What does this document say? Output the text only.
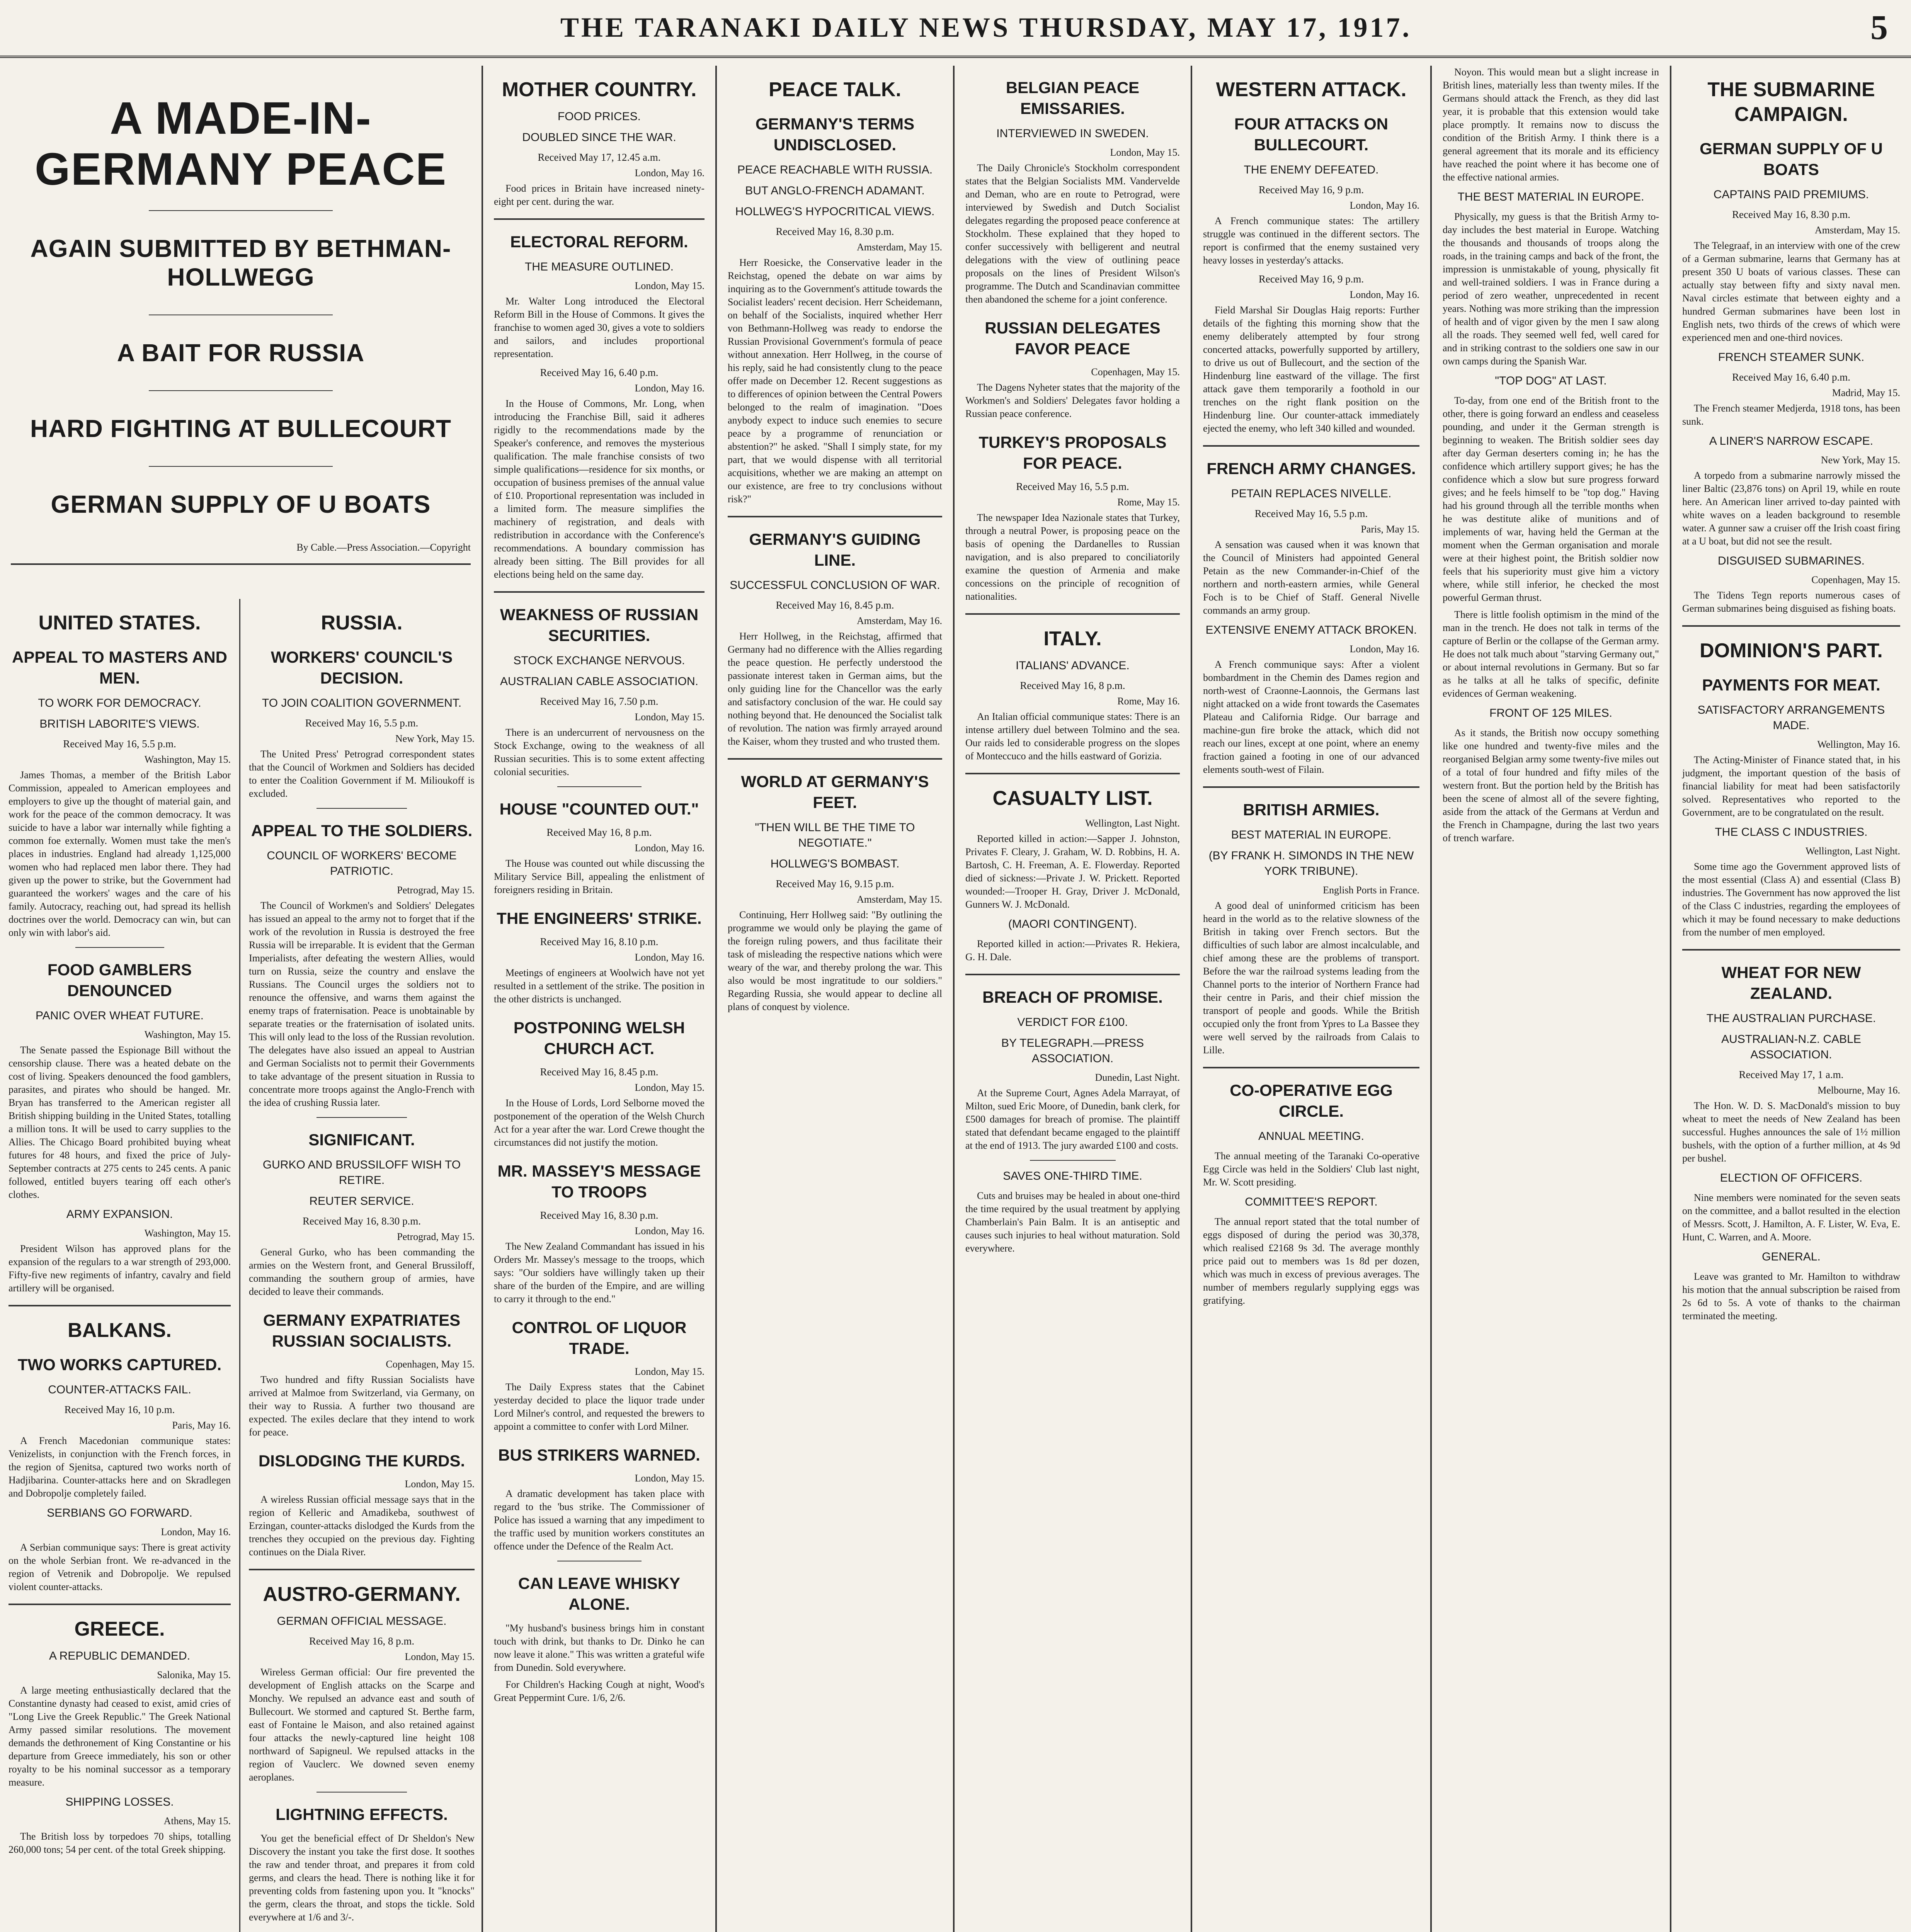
THE TARANAKI DAILY NEWS THURSDAY, MAY 17, 1917.	5
A MADE-IN-GERMANY PEACE
AGAIN SUBMITTED BY BETHMAN-HOLLWEGG
A BAIT FOR RUSSIA
HARD FIGHTING AT BULLECOURT
GERMAN SUPPLY OF U BOATS
By Cable.—Press Association.—Copyright
UNITED STATES.
APPEAL TO MASTERS AND MEN.
TO WORK FOR DEMOCRACY.
BRITISH LABORITE'S VIEWS.
Received May 16, 5.5 p.m.
Washington, May 15.

James Thomas, a member of the British Labor Commission, appealed to American employees and employers to give up the thought of material gain, and work for the peace of the common democracy. It was suicide to have a labor war internally while fighting a common foe externally. Women must take the men's places in industries. England had already 1,125,000 women who had replaced men labor there. They had given up the power to strike, but the Government had guaranteed the workers' wages and the care of his family. Autocracy, reaching out, had spread its hellish doctrines over the world. Democracy can win, but can only win with labor's aid.

FOOD GAMBLERS DENOUNCED
PANIC OVER WHEAT FUTURE.
Washington, May 15.

The Senate passed the Espionage Bill without the censorship clause. There was a heated debate on the cost of living. Speakers denounced the food gamblers, parasites, and pirates who should be hanged. Mr. Bryan has transferred to the American register all British shipping building in the United States, totalling a million tons. It will be used to carry supplies to the Allies. The Chicago Board prohibited buying wheat futures for 48 hours, and fixed the price of July-September contracts at 275 cents to 245 cents. A panic followed, entitled buyers tearing off each other's clothes.

ARMY EXPANSION.
Washington, May 15.

President Wilson has approved plans for the expansion of the regulars to a war strength of 293,000. Fifty-five new regiments of infantry, cavalry and field artillery will be organised.

BALKANS.
TWO WORKS CAPTURED.
COUNTER-ATTACKS FAIL.
Received May 16, 10 p.m.
Paris, May 16.

A French Macedonian communique states: Venizelists, in conjunction with the French forces, in the region of Sjenitsa, captured two works north of Hadjibarina. Counter-attacks here and on Skradlegen and Dobropolje completely failed.

SERBIANS GO FORWARD.
London, May 16.

A Serbian communique says: There is great activity on the whole Serbian front. We re-advanced in the region of Vetrenik and Dobropolje. We repulsed violent counter-attacks.

GREECE.
A REPUBLIC DEMANDED.
Salonika, May 15.

A large meeting enthusiastically declared that the Constantine dynasty had ceased to exist, amid cries of "Long Live the Greek Republic." The Greek National Army passed similar resolutions. The movement demands the dethronement of King Constantine or his departure from Greece immediately, his son or other royalty to be his nominal successor as a temporary measure.

SHIPPING LOSSES.
Athens, May 15.

The British loss by torpedoes 70 ships, totalling 260,000 tons; 54 per cent. of the total Greek shipping.

RUSSIA.
WORKERS' COUNCIL'S DECISION.
TO JOIN COALITION GOVERNMENT.
Received May 16, 5.5 p.m.
New York, May 15.

The United Press' Petrograd correspondent states that the Council of Workmen and Soldiers has decided to enter the Coalition Government if M. Milioukoff is excluded.

APPEAL TO THE SOLDIERS.
COUNCIL OF WORKERS' BECOME PATRIOTIC.
Petrograd, May 15.

The Council of Workmen's and Soldiers' Delegates has issued an appeal to the army not to forget that if the work of the revolution in Russia is destroyed the free Russia will be irreparable. It is evident that the German Imperialists, after defeating the western Allies, would turn on Russia, seize the country and enslave the Russians. The Council urges the soldiers not to renounce the offensive, and warns them against the enemy traps of fraternisation. Peace is unobtainable by separate treaties or the fraternisation of isolated units. This will only lead to the loss of the Russian revolution. The delegates have also issued an appeal to Austrian and German Socialists not to permit their Governments to take advantage of the present situation in Russia to concentrate more troops against the Anglo-French with the idea of crushing Russia later.

SIGNIFICANT.
GURKO AND BRUSSILOFF WISH TO RETIRE.
REUTER SERVICE.
Received May 16, 8.30 p.m.
Petrograd, May 15.

General Gurko, who has been commanding the armies on the Western front, and General Brussiloff, commanding the southern group of armies, have decided to leave their commands.

GERMANY EXPATRIATES RUSSIAN SOCIALISTS.
Copenhagen, May 15.

Two hundred and fifty Russian Socialists have arrived at Malmoe from Switzerland, via Germany, on their way to Russia. A further two thousand are expected. The exiles declare that they intend to work for peace.

DISLODGING THE KURDS.
London, May 15.

A wireless Russian official message says that in the region of Kelleric and Amadikeba, southwest of Erzingan, counter-attacks dislodged the Kurds from the trenches they occupied on the previous day. Fighting continues on the Diala River.

AUSTRO-GERMANY.
GERMAN OFFICIAL MESSAGE.
Received May 16, 8 p.m.
London, May 15.

Wireless German official: Our fire prevented the development of English attacks on the Scarpe and Monchy. We repulsed an advance east and south of Bullecourt. We stormed and captured St. Berthe farm, east of Fontaine le Maison, and also retained against four attacks the newly-captured line height 108 northward of Sapigneul. We repulsed attacks in the region of Vauclerc. We downed seven enemy aeroplanes.

LIGHTNING EFFECTS.

You get the beneficial effect of Dr Sheldon's New Discovery the instant you take the first dose. It soothes the raw and tender throat, and prepares it from cold germs, and clears the head. There is nothing like it for preventing colds from fastening upon you. It "knocks" the germ, clears the throat, and stops the tickle. Sold everywhere at 1/6 and 3/-.

MOTHER COUNTRY.
FOOD PRICES.
DOUBLED SINCE THE WAR.
Received May 17, 12.45 a.m.
London, May 16.

Food prices in Britain have increased ninety-eight per cent. during the war.

ELECTORAL REFORM.
THE MEASURE OUTLINED.
London, May 15.

Mr. Walter Long introduced the Electoral Reform Bill in the House of Commons. It gives the franchise to women aged 30, gives a vote to soldiers and sailors, and includes proportional representation.

Received May 16, 6.40 p.m.
London, May 16.

In the House of Commons, Mr. Long, when introducing the Franchise Bill, said it adheres rigidly to the recommendations made by the Speaker's conference, and removes the mysterious qualification. The male franchise consists of two simple qualifications—residence for six months, or occupation of business premises of the annual value of £10. Proportional representation was included in a limited form. The measure simplifies the machinery of registration, and deals with redistribution in accordance with the Conference's recommendations. A boundary commission has already been sitting. The Bill provides for all elections being held on the same day.

WEAKNESS OF RUSSIAN SECURITIES.
STOCK EXCHANGE NERVOUS.
AUSTRALIAN CABLE ASSOCIATION.
Received May 16, 7.50 p.m.
London, May 15.

There is an undercurrent of nervousness on the Stock Exchange, owing to the weakness of all Russian securities. This is to some extent affecting colonial securities.

HOUSE "COUNTED OUT."
Received May 16, 8 p.m.
London, May 16.

The House was counted out while discussing the Military Service Bill, appealing the enlistment of foreigners residing in Britain.

THE ENGINEERS' STRIKE.
Received May 16, 8.10 p.m.
London, May 16.

Meetings of engineers at Woolwich have not yet resulted in a settlement of the strike. The position in the other districts is unchanged.

POSTPONING WELSH CHURCH ACT.
Received May 16, 8.45 p.m.
London, May 15.

In the House of Lords, Lord Selborne moved the postponement of the operation of the Welsh Church Act for a year after the war. Lord Crewe thought the circumstances did not justify the motion.

MR. MASSEY'S MESSAGE TO TROOPS
Received May 16, 8.30 p.m.
London, May 16.

The New Zealand Commandant has issued in his Orders Mr. Massey's message to the troops, which says: "Our soldiers have willingly taken up their share of the burden of the Empire, and are willing to carry it through to the end."

CONTROL OF LIQUOR TRADE.
London, May 15.

The Daily Express states that the Cabinet yesterday decided to place the liquor trade under Lord Milner's control, and requested the brewers to appoint a committee to confer with Lord Milner.

BUS STRIKERS WARNED.
London, May 15.

A dramatic development has taken place with regard to the 'bus strike. The Commissioner of Police has issued a warning that any impediment to the traffic used by munition workers constitutes an offence under the Defence of the Realm Act.

CAN LEAVE WHISKY ALONE.

"My husband's business brings him in constant touch with drink, but thanks to Dr. Dinko he can now leave it alone." This was written a grateful wife from Dunedin. Sold everywhere.

For Children's Hacking Cough at night, Wood's Great Peppermint Cure. 1/6, 2/6.

PEACE TALK.
GERMANY'S TERMS UNDISCLOSED.
PEACE REACHABLE WITH RUSSIA.
BUT ANGLO-FRENCH ADAMANT.
HOLLWEG'S HYPOCRITICAL VIEWS.
Received May 16, 8.30 p.m.
Amsterdam, May 15.

Herr Roesicke, the Conservative leader in the Reichstag, opened the debate on war aims by inquiring as to the Government's attitude towards the Socialist leaders' recent decision. Herr Scheidemann, on behalf of the Socialists, inquired whether Herr von Bethmann-Hollweg was ready to endorse the Russian Provisional Government's formula of peace without annexation. Herr Hollweg, in the course of his reply, said he had consistently clung to the peace offer made on December 12. Recent suggestions as to differences of opinion between the Central Powers belonged to the realm of imagination. "Does anybody expect to induce such enemies to secure peace by a programme of renunciation or abstention?" he asked. "Shall I simply state, for my part, that we would dispense with all territorial acquisitions, whether we are making an attempt on our existence, are free to try conclusions without risk?"

GERMANY'S GUIDING LINE.
SUCCESSFUL CONCLUSION OF WAR.
Received May 16, 8.45 p.m.
Amsterdam, May 16.

Herr Hollweg, in the Reichstag, affirmed that Germany had no difference with the Allies regarding the peace question. He perfectly understood the passionate interest taken in German aims, but the only guiding line for the Chancellor was the early and satisfactory conclusion of the war. He could say nothing beyond that. He denounced the Socialist talk of revolution. The nation was firmly arrayed around the Kaiser, whom they trusted and who trusted them.

WORLD AT GERMANY'S FEET.
"THEN WILL BE THE TIME TO NEGOTIATE."
HOLLWEG'S BOMBAST.
Received May 16, 9.15 p.m.
Amsterdam, May 15.

Continuing, Herr Hollweg said: "By outlining the programme we would only be playing the game of the foreign ruling powers, and thus facilitate their task of misleading the respective nations which were weary of the war, and thereby prolong the war. This also would be most ingratitude to our soldiers." Regarding Russia, she would appear to decline all plans of conquest by violence.

BELGIAN PEACE EMISSARIES.
INTERVIEWED IN SWEDEN.
London, May 15.

The Daily Chronicle's Stockholm correspondent states that the Belgian Socialists MM. Vandervelde and Deman, who are en route to Petrograd, were interviewed by Swedish and Dutch Socialist delegates regarding the proposed peace conference at Stockholm. These explained that they hoped to confer successively with belligerent and neutral delegations with the view of outlining peace proposals on the lines of President Wilson's programme. The Dutch and Scandinavian committee then abandoned the scheme for a joint conference.

RUSSIAN DELEGATES FAVOR PEACE
Copenhagen, May 15.

The Dagens Nyheter states that the majority of the Workmen's and Soldiers' Delegates favor holding a Russian peace conference.

TURKEY'S PROPOSALS FOR PEACE.
Received May 16, 5.5 p.m.
Rome, May 15.

The newspaper Idea Nazionale states that Turkey, through a neutral Power, is proposing peace on the basis of opening the Dardanelles to Russian navigation, and is also prepared to conciliatorily examine the question of Armenia and make concessions on the principle of recognition of nationalities.

ITALY.
ITALIANS' ADVANCE.
Received May 16, 8 p.m.
Rome, May 16.

An Italian official communique states: There is an intense artillery duel between Tolmino and the sea. Our raids led to considerable progress on the slopes of Monteccuco and the hills eastward of Gorizia.

CASUALTY LIST.
Wellington, Last Night.

Reported killed in action:—Sapper J. Johnston, Privates F. Cleary, J. Graham, W. D. Robbins, H. A. Bartosh, C. H. Freeman, A. E. Flowerday. Reported died of sickness:—Private J. W. Prickett. Reported wounded:—Trooper H. Gray, Driver J. McDonald, Gunners W. J. McDonald.

(MAORI CONTINGENT).

Reported killed in action:—Privates R. Hekiera, G. H. Dale.

BREACH OF PROMISE.
VERDICT FOR £100.
BY TELEGRAPH.—PRESS ASSOCIATION.
Dunedin, Last Night.

At the Supreme Court, Agnes Adela Marrayat, of Milton, sued Eric Moore, of Dunedin, bank clerk, for £500 damages for breach of promise. The plaintiff stated that defendant became engaged to the plaintiff at the end of 1913. The jury awarded £100 and costs.

SAVES ONE-THIRD TIME.

Cuts and bruises may be healed in about one-third the time required by the usual treatment by applying Chamberlain's Pain Balm. It is an antiseptic and causes such injuries to heal without maturation. Sold everywhere.

WESTERN ATTACK.
FOUR ATTACKS ON BULLECOURT.
THE ENEMY DEFEATED.
Received May 16, 9 p.m.
London, May 16.

A French communique states: The artillery struggle was continued in the different sectors. The report is confirmed that the enemy sustained very heavy losses in yesterday's attacks.

Received May 16, 9 p.m.
London, May 16.

Field Marshal Sir Douglas Haig reports: Further details of the fighting this morning show that the enemy deliberately attempted by four strong concerted attacks, powerfully supported by artillery, to drive us out of Bullecourt, and the section of the Hindenburg line eastward of the village. The first attack gave them temporarily a foothold in our trenches on the right flank position on the Hindenburg line. Our counter-attack immediately ejected the enemy, who left 340 killed and wounded.

FRENCH ARMY CHANGES.
PETAIN REPLACES NIVELLE.
Received May 16, 5.5 p.m.
Paris, May 15.

A sensation was caused when it was known that the Council of Ministers had appointed General Petain as the new Commander-in-Chief of the northern and north-eastern armies, while General Foch is to be Chief of Staff. General Nivelle commands an army group.

EXTENSIVE ENEMY ATTACK BROKEN.
London, May 16.

A French communique says: After a violent bombardment in the Chemin des Dames region and north-west of Craonne-Laonnois, the Germans last night attacked on a wide front towards the Casemates Plateau and California Ridge. Our barrage and machine-gun fire broke the attack, which did not reach our lines, except at one point, where an enemy fraction gained a footing in one of our advanced elements south-west of Filain.

BRITISH ARMIES.
BEST MATERIAL IN EUROPE.
(BY FRANK H. SIMONDS IN THE NEW YORK TRIBUNE).
English Ports in France.

A good deal of uninformed criticism has been heard in the world as to the relative slowness of the British in taking over French sectors. But the difficulties of such labor are almost incalculable, and chief among these are the problems of transport. Before the war the railroad systems leading from the Channel ports to the interior of Northern France had their centre in Paris, and their chief mission the transport of people and goods. While the British occupied only the front from Ypres to La Bassee they were well served by the railroads from Calais to Lille.

CO-OPERATIVE EGG CIRCLE.
ANNUAL MEETING.

The annual meeting of the Taranaki Co-operative Egg Circle was held in the Soldiers' Club last night, Mr. W. Scott presiding.

COMMITTEE'S REPORT.

The annual report stated that the total number of eggs disposed of during the period was 30,378, which realised £2168 9s 3d. The average monthly price paid out to members was 1s 8d per dozen, which was much in excess of previous averages. The number of members regularly supplying eggs was gratifying.

Noyon. This would mean but a slight increase in British lines, materially less than twenty miles. If the Germans should attack the French, as they did last year, it is probable that this extension would take place promptly. It remains now to discuss the condition of the British Army. I think there is a general agreement that its morale and its efficiency have reached the point where it has become one of the effective national armies.

THE BEST MATERIAL IN EUROPE.

Physically, my guess is that the British Army to-day includes the best material in Europe. Watching the thousands and thousands of troops along the roads, in the training camps and back of the front, the impression is unmistakable of young, physically fit and well-trained soldiers. I was in France during a period of zero weather, unprecedented in recent years. Nothing was more striking than the impression of health and of vigor given by the men I saw along all the roads. They seemed well fed, well cared for and in striking contrast to the soldiers one saw in our own camps during the Spanish War.

"TOP DOG" AT LAST.

To-day, from one end of the British front to the other, there is going forward an endless and ceaseless pounding, and under it the German strength is beginning to weaken. The British soldier sees day after day German deserters coming in; he has the confidence which artillery support gives; he has the confidence which a slow but sure progress forward gives; and he feels himself to be "top dog." Having had his ground through all the terrible months when he was destitute alike of munitions and of implements of war, having held the German at the moment when the German organisation and morale were at their highest point, the British soldier now feels that his superiority must give him a victory where, while still inferior, he checked the most powerful German thrust.

There is little foolish optimism in the mind of the man in the trench. He does not talk in terms of the capture of Berlin or the collapse of the German army. He does not talk much about "starving Germany out," or about internal revolutions in Germany. But so far as he talks at all he talks of specific, definite evidences of German weakening.

FRONT OF 125 MILES.

As it stands, the British now occupy something like one hundred and twenty-five miles and the reorganised Belgian army some twenty-five miles out of a total of four hundred and fifty miles of the western front. But the portion held by the British has been the scene of almost all of the severe fighting, aside from the attack of the Germans at Verdun and the French in Champagne, during the last two years of trench warfare.

THE SUBMARINE CAMPAIGN.
GERMAN SUPPLY OF U BOATS
CAPTAINS PAID PREMIUMS.
Received May 16, 8.30 p.m.
Amsterdam, May 15.

The Telegraaf, in an interview with one of the crew of a German submarine, learns that Germany has at present 350 U boats of various classes. These can actually stay between fifty and sixty naval men. Naval circles estimate that between eighty and a hundred German submarines have been lost in English nets, two thirds of the crews of which were experienced men and one-third novices.

FRENCH STEAMER SUNK.
Received May 16, 6.40 p.m.
Madrid, May 15.

The French steamer Medjerda, 1918 tons, has been sunk.

A LINER'S NARROW ESCAPE.
New York, May 15.

A torpedo from a submarine narrowly missed the liner Baltic (23,876 tons) on April 19, while en route here. An American liner arrived to-day painted with white waves on a leaden background to resemble water. A gunner saw a cruiser off the Irish coast firing at a U boat, but did not see the result.

DISGUISED SUBMARINES.
Copenhagen, May 15.

The Tidens Tegn reports numerous cases of German submarines being disguised as fishing boats.

DOMINION'S PART.
PAYMENTS FOR MEAT.
SATISFACTORY ARRANGEMENTS MADE.
Wellington, May 16.

The Acting-Minister of Finance stated that, in his judgment, the important question of the basis of financial liability for meat had been satisfactorily solved. Representatives who reported to the Government, are to be congratulated on the result.

THE CLASS C INDUSTRIES.
Wellington, Last Night.

Some time ago the Government approved lists of the most essential (Class A) and essential (Class B) industries. The Government has now approved the list of the Class C industries, regarding the employees of which it may be found necessary to make deductions from the number of men employed.

WHEAT FOR NEW ZEALAND.
THE AUSTRALIAN PURCHASE.
AUSTRALIAN-N.Z. CABLE ASSOCIATION.
Received May 17, 1 a.m.
Melbourne, May 16.

The Hon. W. D. S. MacDonald's mission to buy wheat to meet the needs of New Zealand has been successful. Hughes announces the sale of 1½ million bushels, with the option of a further million, at 4s 9d per bushel.

ELECTION OF OFFICERS.

Nine members were nominated for the seven seats on the committee, and a ballot resulted in the election of Messrs. Scott, J. Hamilton, A. F. Lister, W. Eva, E. Hunt, C. Warren, and A. Moore.

GENERAL.

Leave was granted to Mr. Hamilton to withdraw his motion that the annual subscription be raised from 2s 6d to 5s. A vote of thanks to the chairman terminated the meeting.
